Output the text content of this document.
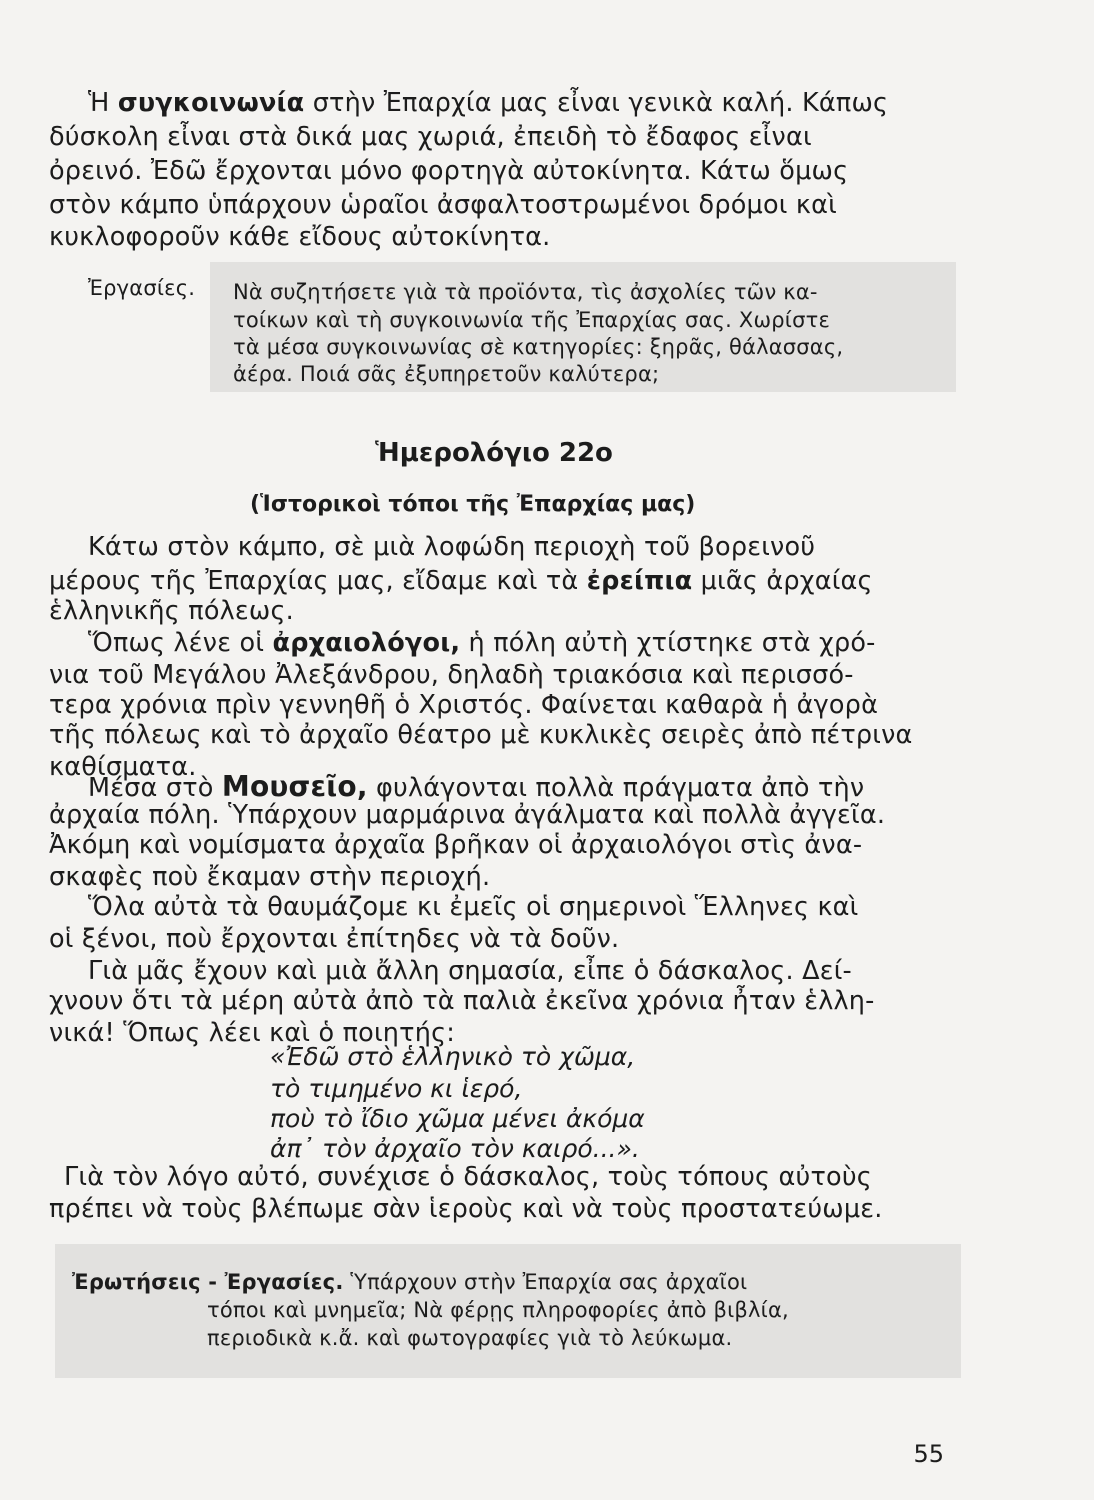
Ἡ συγκοινωνία στὴν Ἐπαρχία μας εἶναι γενικὰ καλή. Κάπως
δύσκολη εἶναι στὰ δικά μας χωριά, ἐπειδὴ τὸ ἔδαφος εἶναι
ὀρεινό. Ἐδῶ ἔρχονται μόνο φορτηγὰ αὐτοκίνητα. Κάτω ὅμως
στὸν κάμπο ὑπάρχουν ὡραῖοι ἀσφαλτοστρωμένοι δρόμοι καὶ
κυκλοφοροῦν κάθε εἴδους αὐτοκίνητα.
Ἐργασίες. Νὰ συζητήσετε γιὰ τὰ προϊόντα, τὶς ἀσχολίες τῶν κα-
τοίκων καὶ τὴ συγκοινωνία τῆς Ἐπαρχίας σας. Χωρίστε
τὰ μέσα συγκοινωνίας σὲ κατηγορίες: ξηρᾶς, θάλασσας,
ἀέρα. Ποιά σᾶς ἐξυπηρετοῦν καλύτερα;
Ἡμερολόγιο 22ο
(Ἱστορικοὶ τόποι τῆς Ἐπαρχίας μας)
Κάτω στὸν κάμπο, σὲ μιὰ λοφώδη περιοχὴ τοῦ βορεινοῦ
μέρους τῆς Ἐπαρχίας μας, εἴδαμε καὶ τὰ ἐρείπια μιᾶς ἀρχαίας
ἑλληνικῆς πόλεως.
Ὅπως λένε οἱ ἀρχαιολόγοι, ἡ πόλη αὐτὴ χτίστηκε στὰ χρό-
νια τοῦ Μεγάλου Ἀλεξάνδρου, δηλαδὴ τριακόσια καὶ περισσό-
τερα χρόνια πρὶν γεννηθῆ ὁ Χριστός. Φαίνεται καθαρὰ ἡ ἀγορὰ
τῆς πόλεως καὶ τὸ ἀρχαῖο θέατρο μὲ κυκλικὲς σειρὲς ἀπὸ πέτρινα
καθίσματα.
Μέσα στὸ Μουσεῖο, φυλάγονται πολλὰ πράγματα ἀπὸ τὴν
ἀρχαία πόλη. Ὑπάρχουν μαρμάρινα ἀγάλματα καὶ πολλὰ ἀγγεῖα.
Ἀκόμη καὶ νομίσματα ἀρχαῖα βρῆκαν οἱ ἀρχαιολόγοι στὶς ἀνα-
σκαφὲς ποὺ ἔκαμαν στὴν περιοχή.
Ὅλα αὐτὰ τὰ θαυμάζομε κι ἐμεῖς οἱ σημερινοὶ Ἕλληνες καὶ
οἱ ξένοι, ποὺ ἔρχονται ἐπίτηδες νὰ τὰ δοῦν.
Γιὰ μᾶς ἔχουν καὶ μιὰ ἄλλη σημασία, εἶπε ὁ δάσκαλος. Δεί-
χνουν ὅτι τὰ μέρη αὐτὰ ἀπὸ τὰ παλιὰ ἐκεῖνα χρόνια ἦταν ἑλλη-
νικά! Ὅπως λέει καὶ ὁ ποιητής:
«Ἐδῶ στὸ ἑλληνικὸ τὸ χῶμα,
τὸ τιμημένο κι ἱερό,
ποὺ τὸ ἴδιο χῶμα μένει ἀκόμα
ἀπ᾽ τὸν ἀρχαῖο τὸν καιρό...».
Γιὰ τὸν λόγο αὐτό, συνέχισε ὁ δάσκαλος, τοὺς τόπους αὐτοὺς
πρέπει νὰ τοὺς βλέπωμε σὰν ἱεροὺς καὶ νὰ τοὺς προστατεύωμε.
Ἐρωτήσεις - Ἐργασίες. Ὑπάρχουν στὴν Ἐπαρχία σας ἀρχαῖοι
τόποι καὶ μνημεῖα; Νὰ φέρῃς πληροφορίες ἀπὸ βιβλία,
περιοδικὰ κ.ἄ. καὶ φωτογραφίες γιὰ τὸ λεύκωμα.
55
